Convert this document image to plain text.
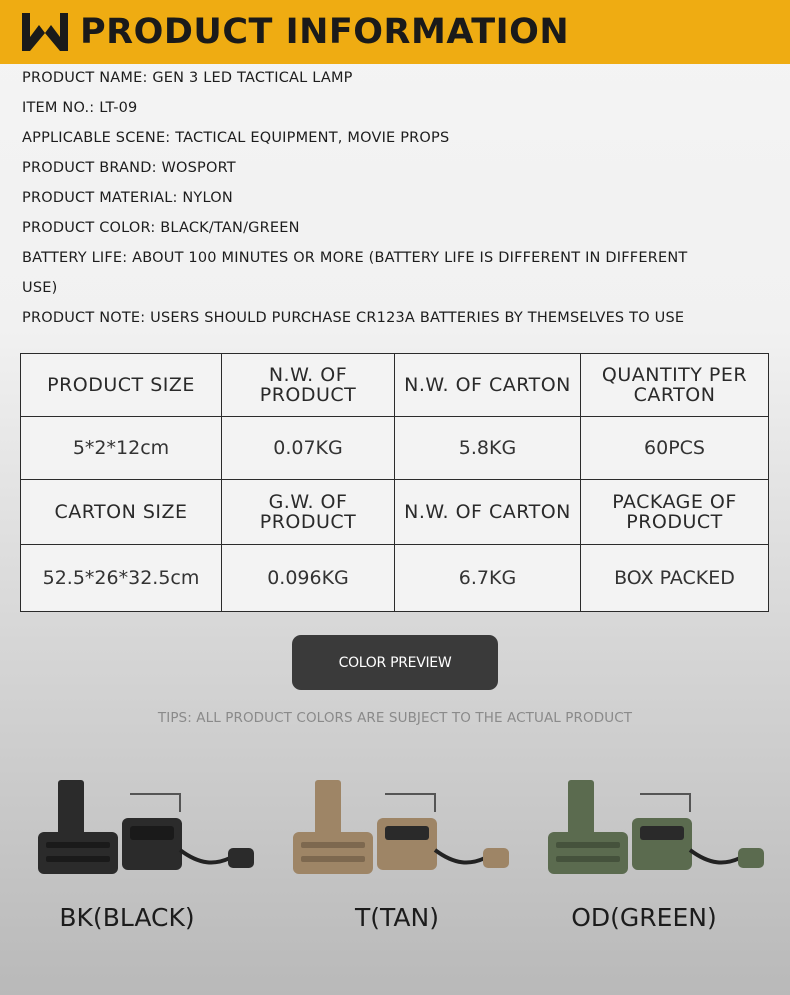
PRODUCT INFORMATION
PRODUCT NAME: GEN 3 LED TACTICAL LAMP
ITEM NO.: LT-09
APPLICABLE SCENE: TACTICAL EQUIPMENT, MOVIE PROPS
PRODUCT BRAND: WOSPORT
PRODUCT MATERIAL: NYLON
PRODUCT COLOR: BLACK/TAN/GREEN
BATTERY LIFE: ABOUT 100 MINUTES OR MORE (BATTERY LIFE IS DIFFERENT IN DIFFERENT
USE)
PRODUCT NOTE: USERS SHOULD PURCHASE CR123A BATTERIES BY THEMSELVES TO USE
PRODUCT SIZE	N.W. OF PRODUCT	N.W. OF CARTON	QUANTITY PER CARTON
5*2*12cm	0.07KG	5.8KG	60PCS
CARTON SIZE	G.W. OF PRODUCT	N.W. OF CARTON	PACKAGE OF PRODUCT
52.5*26*32.5cm	0.096KG	6.7KG	BOX PACKED
COLOR PREVIEW
TIPS: ALL PRODUCT COLORS ARE SUBJECT TO THE ACTUAL PRODUCT
BK(BLACK)	T(TAN)	OD(GREEN)
